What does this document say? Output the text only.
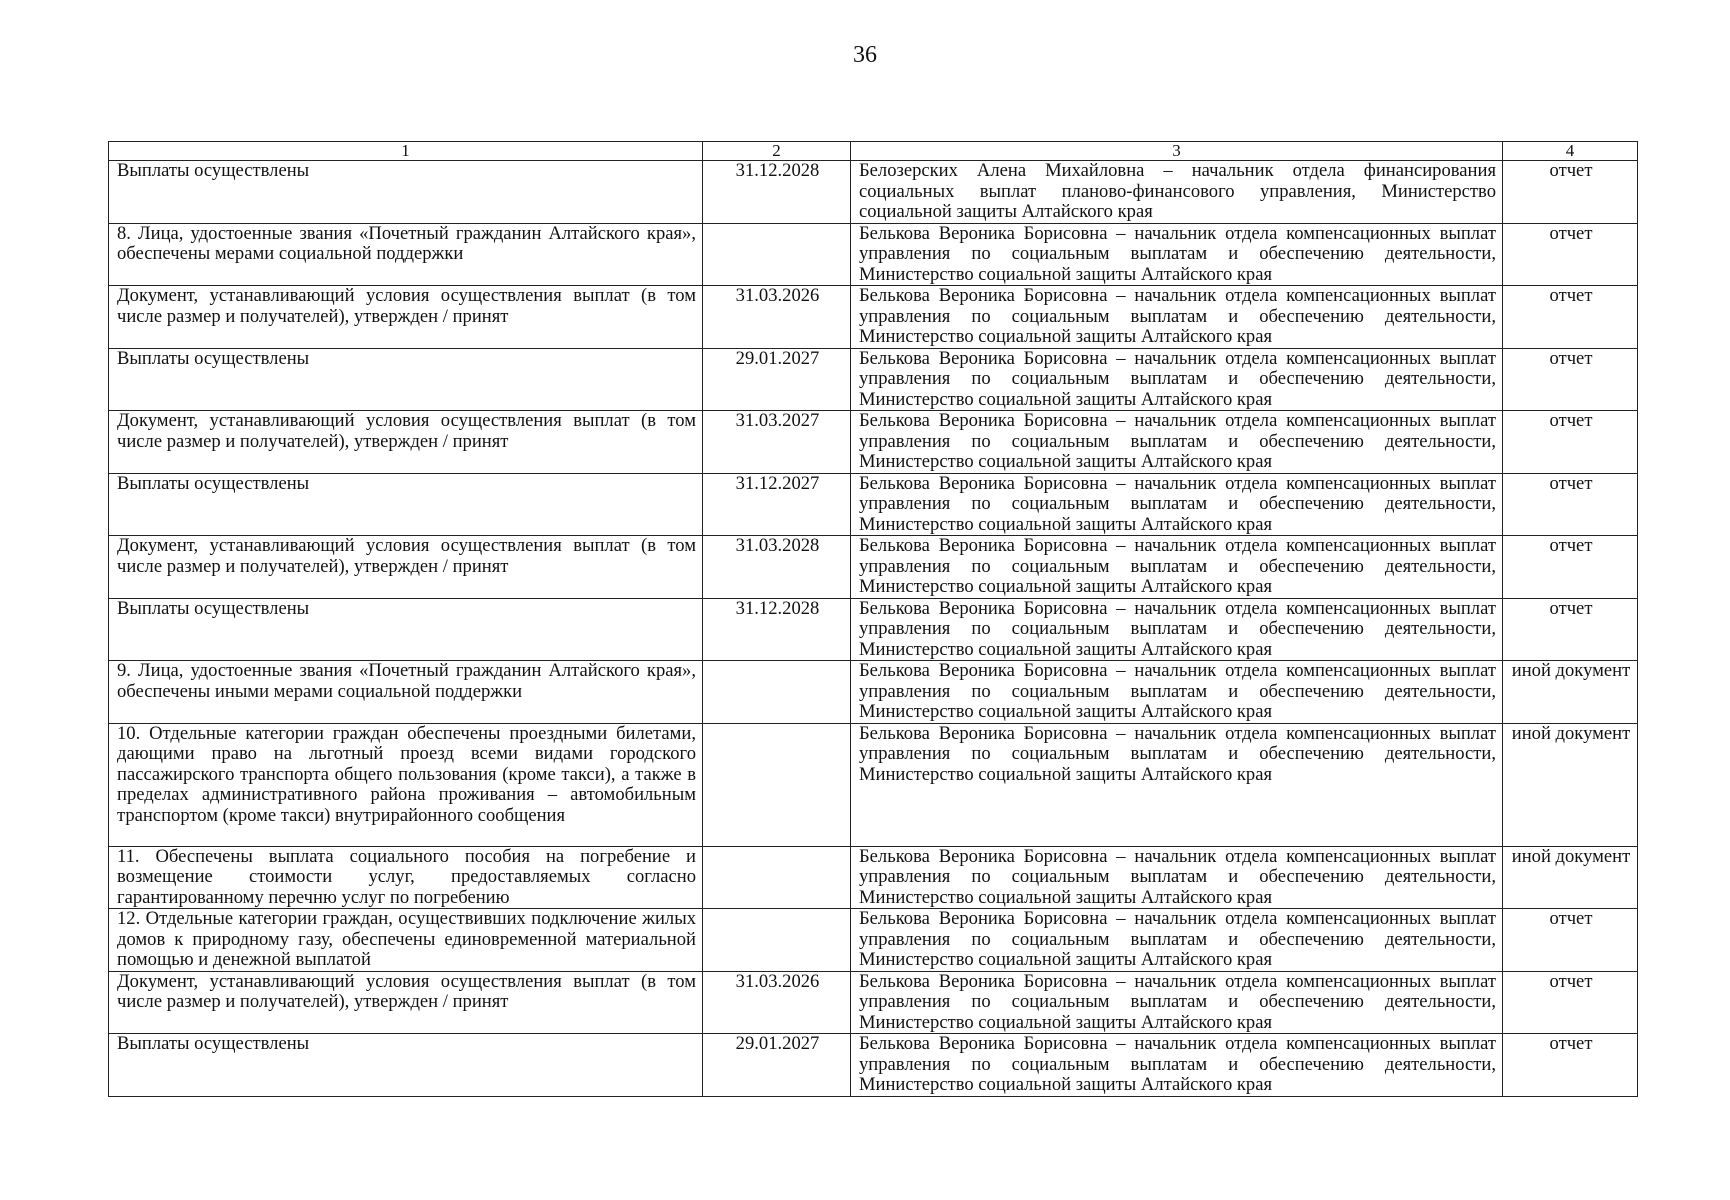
36
1	2	3	4
Выплаты осуществлены	31.12.2028	Белозерских Алена Михайловна – начальник отдела финансирования социальных выплат планово-финансового управления, Министерство социальной защиты Алтайского края	отчет
8. Лица, удостоенные звания «Почетный гражданин Алтайского края», обеспечены мерами социальной поддержки		Белькова Вероника Борисовна – начальник отдела компенсационных выплат управления по социальным выплатам и обеспечению деятельности, Министерство социальной защиты Алтайского края	отчет
Документ, устанавливающий условия осуществления выплат (в том числе размер и получателей), утвержден / принят	31.03.2026	Белькова Вероника Борисовна – начальник отдела компенсационных выплат управления по социальным выплатам и обеспечению деятельности, Министерство социальной защиты Алтайского края	отчет
Выплаты осуществлены	29.01.2027	Белькова Вероника Борисовна – начальник отдела компенсационных выплат управления по социальным выплатам и обеспечению деятельности, Министерство социальной защиты Алтайского края	отчет
Документ, устанавливающий условия осуществления выплат (в том числе размер и получателей), утвержден / принят	31.03.2027	Белькова Вероника Борисовна – начальник отдела компенсационных выплат управления по социальным выплатам и обеспечению деятельности, Министерство социальной защиты Алтайского края	отчет
Выплаты осуществлены	31.12.2027	Белькова Вероника Борисовна – начальник отдела компенсационных выплат управления по социальным выплатам и обеспечению деятельности, Министерство социальной защиты Алтайского края	отчет
Документ, устанавливающий условия осуществления выплат (в том числе размер и получателей), утвержден / принят	31.03.2028	Белькова Вероника Борисовна – начальник отдела компенсационных выплат управления по социальным выплатам и обеспечению деятельности, Министерство социальной защиты Алтайского края	отчет
Выплаты осуществлены	31.12.2028	Белькова Вероника Борисовна – начальник отдела компенсационных выплат управления по социальным выплатам и обеспечению деятельности, Министерство социальной защиты Алтайского края	отчет
9. Лица, удостоенные звания «Почетный гражданин Алтайского края», обеспечены иными мерами социальной поддержки		Белькова Вероника Борисовна – начальник отдела компенсационных выплат управления по социальным выплатам и обеспечению деятельности, Министерство социальной защиты Алтайского края	иной документ
10. Отдельные категории граждан обеспечены проездными билетами, дающими право на льготный проезд всеми видами городского пассажирского транспорта общего пользования (кроме такси), а также в пределах административного района проживания – автомобильным транспортом (кроме такси) внутрирайонного сообщения		Белькова Вероника Борисовна – начальник отдела компенсационных выплат управления по социальным выплатам и обеспечению деятельности, Министерство социальной защиты Алтайского края	иной документ
11. Обеспечены выплата социального пособия на погребение и возмещение стоимости услуг, предоставляемых согласно гарантированному перечню услуг по погребению		Белькова Вероника Борисовна – начальник отдела компенсационных выплат управления по социальным выплатам и обеспечению деятельности, Министерство социальной защиты Алтайского края	иной документ
12. Отдельные категории граждан, осуществивших подключение жилых домов к природному газу, обеспечены единовременной материальной помощью и денежной выплатой		Белькова Вероника Борисовна – начальник отдела компенсационных выплат управления по социальным выплатам и обеспечению деятельности, Министерство социальной защиты Алтайского края	отчет
Документ, устанавливающий условия осуществления выплат (в том числе размер и получателей), утвержден / принят	31.03.2026	Белькова Вероника Борисовна – начальник отдела компенсационных выплат управления по социальным выплатам и обеспечению деятельности, Министерство социальной защиты Алтайского края	отчет
Выплаты осуществлены	29.01.2027	Белькова Вероника Борисовна – начальник отдела компенсационных выплат управления по социальным выплатам и обеспечению деятельности, Министерство социальной защиты Алтайского края	отчет
